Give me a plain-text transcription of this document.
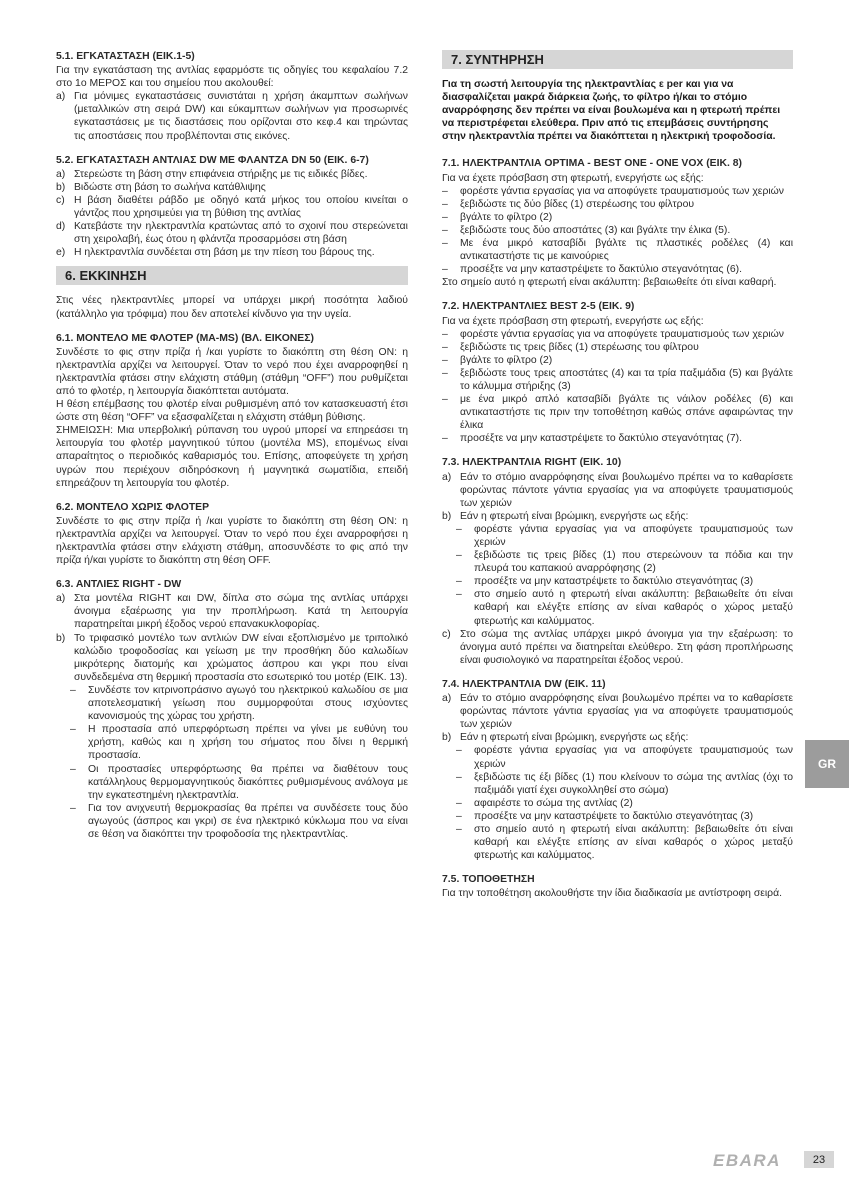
5.1. ΕΓΚΑΤΑΣΤΑΣΗ (ΕΙΚ.1-5)

Για την εγκατάσταση της αντλίας εφαρμόστε τις οδηγίες του κεφαλαίου 7.2 στο 1ο ΜΕΡΟΣ και του σημείου που ακολουθεί:

a) Για μόνιμες εγκαταστάσεις συνιστάται η χρήση άκαμπτων σωλήνων (μεταλλικών στη σειρά DW) και εύκαμπτων σωλήνων για προσωρινές εγκαταστάσεις με τις διαστάσεις που ορίζονται στο κεφ.4 και τηρώντας τις αποστάσεις που προβλέπονται στις εικόνες.
5.2. ΕΓΚΑΤΑΣΤΑΣΗ ΑΝΤΛΙΑΣ DW ΜΕ ΦΛΑΝΤΖΑ DN 50 (ΕΙΚ. 6-7)
a) Στερεώστε τη βάση στην επιφάνεια στήριξης με τις ειδικές βίδες.
b) Βιδώστε στη βάση το σωλήνα κατάθλιψης
c) Η βάση διαθέτει ράβδο με οδηγό κατά μήκος του οποίου κινείται ο γάντζος που χρησιμεύει για τη βύθιση της αντλίας
d) Κατεβάστε την ηλεκτραντλία κρατώντας από το σχοινί που στερεώνεται στη χειρολαβή, έως ότου η φλάντζα προσαρμόσει στη βάση
e) Η ηλεκτραντλία συνδέεται στη βάση με την πίεση του βάρους της.
6. ΕΚΚΙΝΗΣΗ

Στις νέες ηλεκτραντλίες μπορεί να υπάρχει μικρή ποσότητα λαδιού (κατάλληλο για τρόφιμα) που δεν αποτελεί κίνδυνο για την υγεία.

6.1. ΜΟΝΤΕΛΟ ΜΕ ΦΛΟΤΕΡ (MA-MS) (ΒΛ. ΕΙΚΟΝΕΣ)

Συνδέστε το φις στην πρίζα ή /και γυρίστε το διακόπτη στη θέση ON: η ηλεκτραντλία αρχίζει να λειτουργεί. Όταν το νερό που έχει αναρροφηθεί η ηλεκτραντλία φτάσει στην ελάχιστη στάθμη (στάθμη “OFF”) που ρυθμίζεται από το φλοτέρ, η λειτουργία διακόπτεται αυτόματα.

Η θέση επέμβασης του φλοτέρ είναι ρυθμισμένη από τον κατασκευαστή έτσι ώστε στη θέση “OFF” να εξασφαλίζεται η ελάχιστη στάθμη βύθισης.

ΣΗΜΕΙΩΣΗ: Μια υπερβολική ρύπανση του υγρού μπορεί να επηρεάσει τη λειτουργία του φλοτέρ μαγνητικού τύπου (μοντέλα MS), επομένως είναι απαραίτητος ο περιοδικός καθαρισμός του. Επίσης, αποφεύγετε τη χρήση υγρών που περιέχουν σιδηρόσκονη ή μαγνητικά σωματίδια, επειδή επηρεάζουν τη λειτουργία του φλοτέρ.

6.2. ΜΟΝΤΕΛΟ ΧΩΡΙΣ ΦΛΟΤΕΡ

Συνδέστε το φις στην πρίζα ή /και γυρίστε το διακόπτη στη θέση ON: η ηλεκτραντλία αρχίζει να λειτουργεί. Όταν το νερό που έχει αναρροφήσει η ηλεκτραντλία φτάσει στην ελάχιστη στάθμη, αποσυνδέστε το φις από την πρίζα ή/και γυρίστε το διακόπτη στη θέση OFF.

6.3. ΑΝΤΛΙΕΣ RIGHT - DW
a) Στα μοντέλα RIGHT και DW, δίπλα στο σώμα της αντλίας υπάρχει άνοιγμα εξαέρωσης για την προπλήρωση. Κατά τη λειτουργία παρατηρείται μικρή έξοδος νερού επανακυκλοφορίας.
b) Το τριφασικό μοντέλο των αντλιών DW είναι εξοπλισμένο με τριπολικό καλώδιο τροφοδοσίας και γείωση με την προσθήκη δύο καλωδίων μικρότερης διατομής και χρώματος άσπρου και γκρι που είναι συνδεδεμένα στη θερμική προστασία στο εσωτερικό του μοτέρ (ΕΙΚ. 13).
– Συνδέστε τον κιτρινοπράσινο αγωγό του ηλεκτρικού καλωδίου σε μια αποτελεσματική γείωση που συμμορφούται στους ισχύοντες κανονισμούς της χώρας του χρήστη.
– Η προστασία από υπερφόρτωση πρέπει να γίνει με ευθύνη του χρήστη, καθώς και η χρήση του σήματος που δίνει η θερμική προστασία.
– Οι προστασίες υπερφόρτωσης θα πρέπει να διαθέτουν τους κατάλληλους θερμομαγνητικούς διακόπτες ρυθμισμένους ανάλογα με την εγκατεστημένη ηλεκτραντλία.
– Για τον ανιχνευτή θερμοκρασίας θα πρέπει να συνδέσετε τους δύο αγωγούς (άσπρος και γκρι) σε ένα ηλεκτρικό κύκλωμα που να είναι σε θέση να διακόπτει την τροφοδοσία της ηλεκτραντλίας.
7. ΣΥΝΤΗΡΗΣΗ

Για τη σωστή λειτουργία της ηλεκτραντλίας ε per και για να διασφαλίζεται μακρά διάρκεια ζωής, το φίλτρο ή/και το στόμιο αναρρόφησης δεν πρέπει να είναι βουλωμένα και η φτερωτή πρέπει να περιστρέφεται ελεύθερα. Πριν από τις επεμβάσεις συντήρησης στην ηλεκτραντλία πρέπει να διακόπτεται η ηλεκτρική τροφοδοσία.

7.1. ΗΛΕΚΤΡΑΝΤΛΙΑ OPTIMA - BEST ONE - ONE VOX (ΕΙΚ. 8)

Για να έχετε πρόσβαση στη φτερωτή, ενεργήστε ως εξής:

– φορέστε γάντια εργασίας για να αποφύγετε τραυματισμούς των χεριών
– ξεβιδώστε τις δύο βίδες (1) στερέωσης του φίλτρου
– βγάλτε το φίλτρο (2)
– ξεβιδώστε τους δύο αποστάτες (3) και βγάλτε την έλικα (5).
– Με ένα μικρό κατσαβίδι βγάλτε τις πλαστικές ροδέλες (4) και αντικαταστήστε τις με καινούριες
– προσέξτε να μην καταστρέψετε το δακτύλιο στεγανότητας (6).

Στο σημείο αυτό η φτερωτή είναι ακάλυπτη: βεβαιωθείτε ότι είναι καθαρή.

7.2. ΗΛΕΚΤΡΑΝΤΛΙΕΣ BEST 2-5 (ΕΙΚ. 9)

Για να έχετε πρόσβαση στη φτερωτή, ενεργήστε ως εξής:

– φορέστε γάντια εργασίας για να αποφύγετε τραυματισμούς των χεριών
– ξεβιδώστε τις τρεις βίδες (1) στερέωσης του φίλτρου
– βγάλτε το φίλτρο (2)
– ξεβιδώστε τους τρεις αποστάτες (4) και τα τρία παξιμάδια (5) και βγάλτε το κάλυμμα στήριξης (3)
– με ένα μικρό απλό κατσαβίδι βγάλτε τις νάιλον ροδέλες (6) και αντικαταστήστε τις πριν την τοποθέτηση καθώς σπάνε αφαιρώντας την έλικα
– προσέξτε να μην καταστρέψετε το δακτύλιο στεγανότητας (7).
7.3. ΗΛΕΚΤΡΑΝΤΛΙΑ RIGHT (ΕΙΚ. 10)
a) Εάν το στόμιο αναρρόφησης είναι βουλωμένο πρέπει να το καθαρίσετε φορώντας πάντοτε γάντια εργασίας για να αποφύγετε τραυματισμούς των χεριών
b) Εάν η φτερωτή είναι βρώμικη, ενεργήστε ως εξής:
– φορέστε γάντια εργασίας για να αποφύγετε τραυματισμούς των χεριών
– ξεβιδώστε τις τρεις βίδες (1) που στερεώνουν τα πόδια και την πλευρά του καπακιού αναρρόφησης (2)
– προσέξτε να μην καταστρέψετε το δακτύλιο στεγανότητας (3)
– στο σημείο αυτό η φτερωτή είναι ακάλυπτη: βεβαιωθείτε ότι είναι καθαρή και ελέγξτε επίσης αν είναι καθαρός ο χώρος μεταξύ φτερωτής και καλύμματος.
c) Στο σώμα της αντλίας υπάρχει μικρό άνοιγμα για την εξαέρωση: το άνοιγμα αυτό πρέπει να διατηρείται ελεύθερο. Στη φάση προπλήρωσης είναι φυσιολογικό να παρατηρείται έξοδος νερού.
7.4. ΗΛΕΚΤΡΑΝΤΛΙΑ DW (ΕΙΚ. 11)
a) Εάν το στόμιο αναρρόφησης είναι βουλωμένο πρέπει να το καθαρίσετε φορώντας πάντοτε γάντια εργασίας για να αποφύγετε τραυματισμούς των χεριών
b) Εάν η φτερωτή είναι βρώμικη, ενεργήστε ως εξής:
– φορέστε γάντια εργασίας για να αποφύγετε τραυματισμούς των χεριών
– ξεβιδώστε τις έξι βίδες (1) που κλείνουν το σώμα της αντλίας (όχι το παξιμάδι γιατί έχει συγκολληθεί στο σώμα)
– αφαιρέστε το σώμα της αντλίας (2)
– προσέξτε να μην καταστρέψετε το δακτύλιο στεγανότητας (3)
– στο σημείο αυτό η φτερωτή είναι ακάλυπτη: βεβαιωθείτε ότι είναι καθαρή και ελέγξτε επίσης αν είναι καθαρός ο χώρος μεταξύ φτερωτής και καλύμματος.
7.5. ΤΟΠΟΘΕΤΗΣΗ

Για την τοποθέτηση ακολουθήστε την ίδια διαδικασία με αντίστροφη σειρά.

GR
EBARA	23
